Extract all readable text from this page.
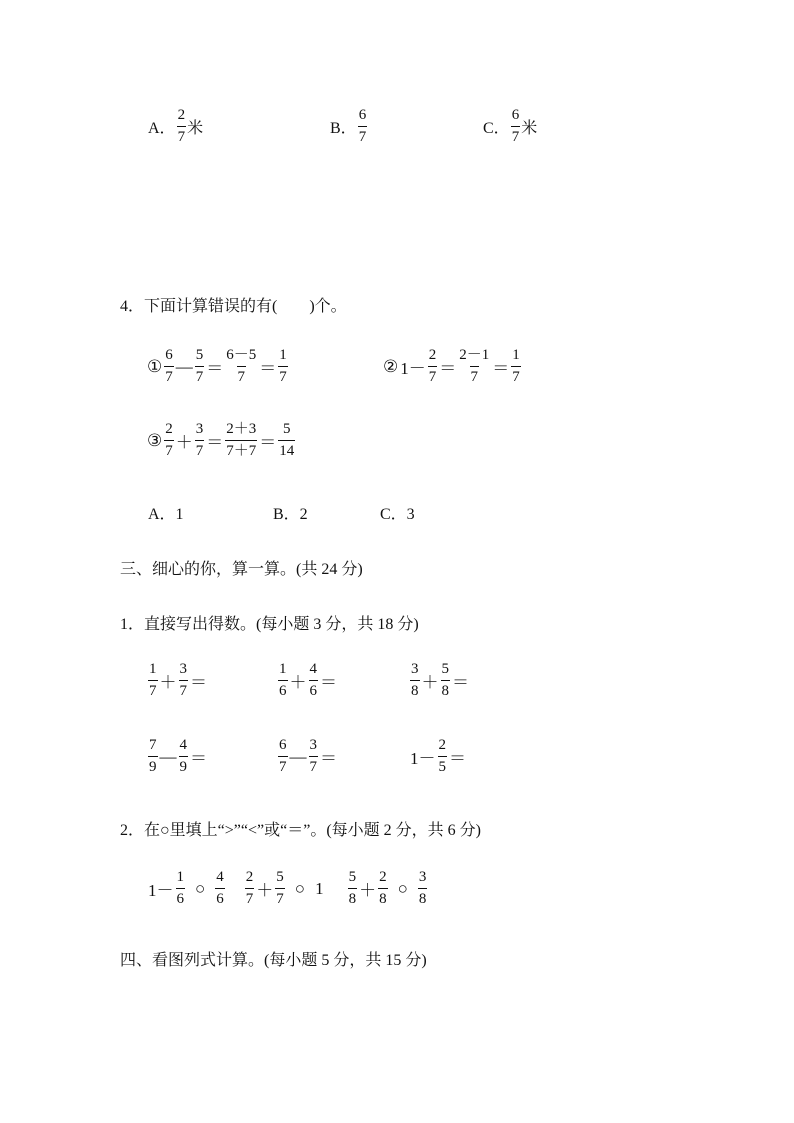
A． $\frac{2}{7}$ 米	B． $\frac{6}{7}$	C． $\frac{6}{7}$ 米
4．下面计算错误的有(　　)个。
① $\frac{6}{7}$ — $\frac{5}{7} = \frac{6-5}{7} = \frac{1}{7}$	② $1- \frac{2}{7} = \frac{2-1}{7} = \frac{1}{7}$
③ $\frac{2}{7} + \frac{3}{7} = \frac{2+3}{7+7} = \frac{5}{14}$
A．1	B．2	C．3
三、细心的你，算一算。(共 24 分)
1．直接写出得数。(每小题 3 分，共 18 分)
$\frac{1}{7} + \frac{3}{7}$ ＝	$\frac{1}{6} + \frac{4}{6}$ ＝	$\frac{3}{8} + \frac{5}{8}$ ＝
$\frac{7}{9}$ — $\frac{4}{9}$ ＝	$\frac{6}{7}$ — $\frac{3}{7}$ ＝	$1- \frac{2}{5}$ ＝
2．在○里填上“>”“<”或“＝”。(每小题 2 分，共 6 分)
$1- \frac{1}{6}$ ○ $\frac{4}{6} \frac{2}{7} + \frac{5}{7}$ ○ $1 \frac{5}{8} + \frac{2}{8}$ ○ $\frac{3}{8}$
四、看图列式计算。(每小题 5 分，共 15 分)
